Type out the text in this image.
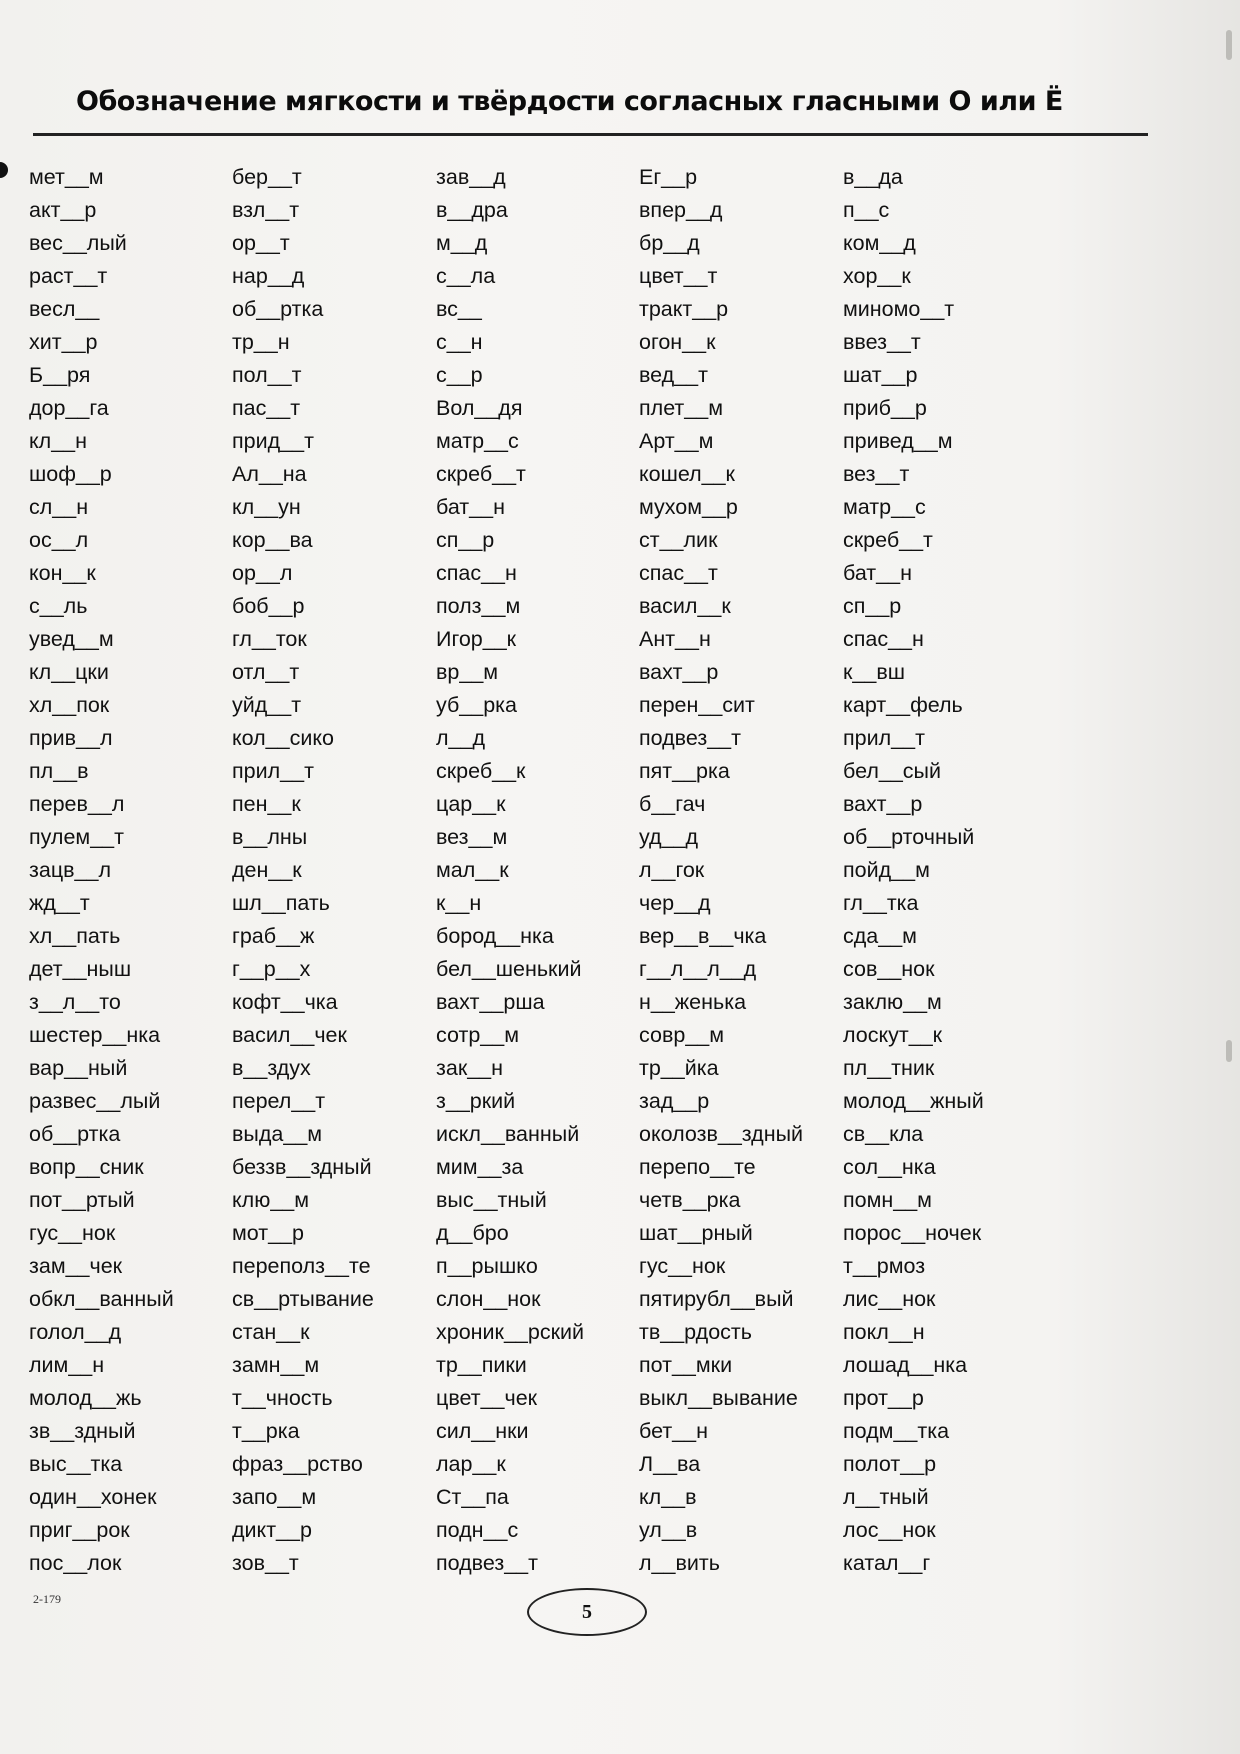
Обозначение мягкости и твёрдости согласных гласными О или Ё
мет__м
акт__р
вес__лый
раст__т
весл__
хит__р
Б__ря
дор__га
кл__н
шоф__р
сл__н
ос__л
кон__к
с__ль
увед__м
кл__цки
хл__пок
прив__л
пл__в
перев__л
пулем__т
зацв__л
жд__т
хл__пать
дет__ныш
з__л__то
шестер__нка
вар__ный
развес__лый
об__ртка
вопр__сник
пот__ртый
гус__нок
зам__чек
обкл__ванный
голол__д
лим__н
молод__жь
зв__здный
выс__тка
один__хонек
приг__рок
пос__лок
бер__т
взл__т
ор__т
нар__д
об__ртка
тр__н
пол__т
пас__т
прид__т
Ал__на
кл__ун
кор__ва
ор__л
боб__р
гл__ток
отл__т
уйд__т
кол__сико
прил__т
пен__к
в__лны
ден__к
шл__пать
граб__ж
г__р__х
кофт__чка
васил__чек
в__здух
перел__т
выда__м
беззв__здный
клю__м
мот__р
переполз__те
св__ртывание
стан__к
замн__м
т__чность
т__рка
фраз__рство
запо__м
дикт__р
зов__т
зав__д
в__дра
м__д
с__ла
вс__
с__н
с__р
Вол__дя
матр__с
скреб__т
бат__н
сп__р
спас__н
полз__м
Игор__к
вр__м
уб__рка
л__д
скреб__к
цар__к
вез__м
мал__к
к__н
бород__нка
бел__шенький
вахт__рша
сотр__м
зак__н
з__ркий
искл__ванный
мим__за
выс__тный
д__бро
п__рышко
слон__нок
хроник__рский
тр__пики
цвет__чек
сил__нки
лар__к
Ст__па
подн__с
подвез__т
Ег__р
впер__д
бр__д
цвет__т
тракт__р
огон__к
вед__т
плет__м
Арт__м
кошел__к
мухом__р
ст__лик
спас__т
васил__к
Ант__н
вахт__р
перен__сит
подвез__т
пят__рка
б__гач
уд__д
л__гок
чер__д
вер__в__чка
г__л__л__д
н__женька
совр__м
тр__йка
зад__р
околозв__здный
перепо__те
четв__рка
шат__рный
гус__нок
пятирубл__вый
тв__рдость
пот__мки
выкл__вывание
бет__н
Л__ва
кл__в
ул__в
л__вить
в__да
п__с
ком__д
хор__к
миномо__т
ввез__т
шат__р
приб__р
привед__м
вез__т
матр__с
скреб__т
бат__н
сп__р
спас__н
к__вш
карт__фель
прил__т
бел__сый
вахт__р
об__рточный
пойд__м
гл__тка
сда__м
сов__нок
заклю__м
лоскут__к
пл__тник
молод__жный
св__кла
сол__нка
помн__м
порос__ночек
т__рмоз
лис__нок
покл__н
лошад__нка
прот__р
подм__тка
полот__р
л__тный
лос__нок
катал__г
2-179
5
